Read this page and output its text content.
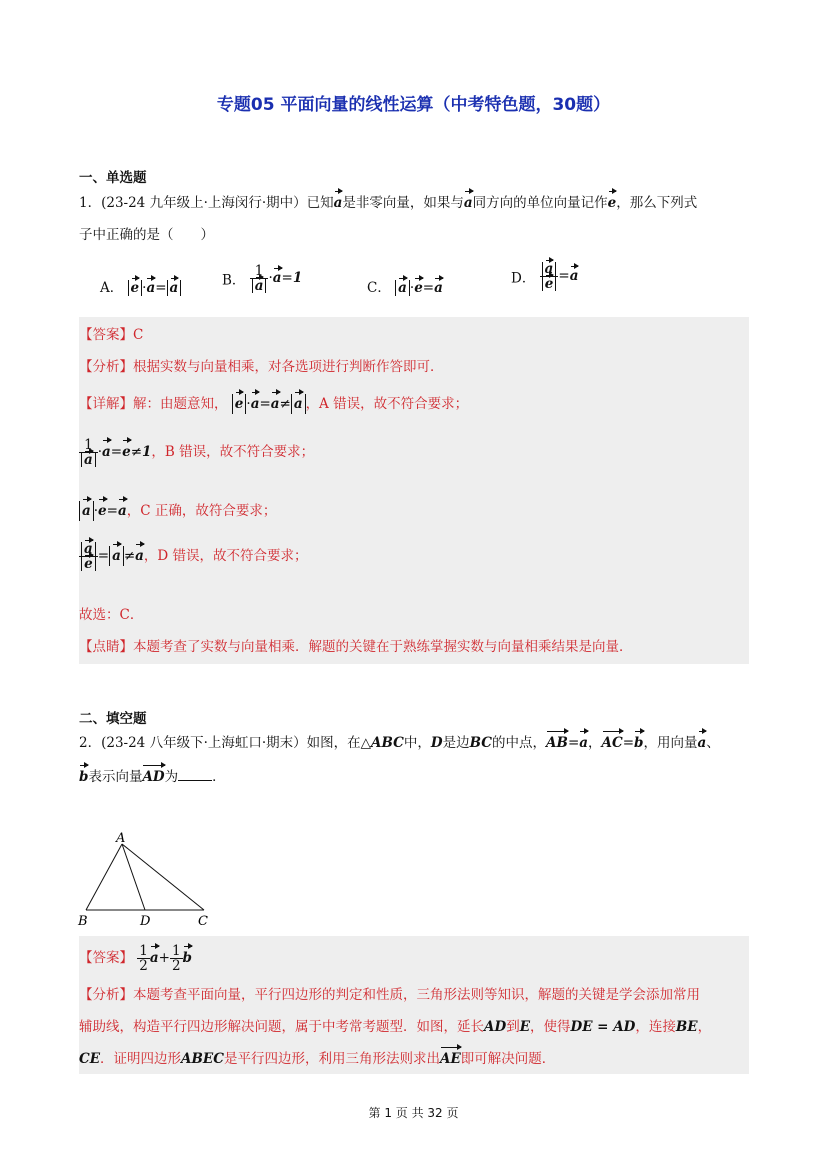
专题05 平面向量的线性运算（中考特色题，30题）
一、单选题
1．(23-24 九年级上·上海闵行·期中）已知a是非零向量，如果与a同方向的单位向量记作e，那么下列式
子中正确的是（　　）
A． e ·a= a	B． $\frac{1}{a} \cdot a=1$
C． a ·e=a
D． $\frac{a}{e} =a$
【答案】C
【分析】根据实数与向量相乘，对各选项进行判断作答即可．
【详解】解：由题意知， e ·a=a≠ a ，A 错误，故不符合要求；
$\frac{1}{a} \cdot a=e\ne 1$，B 错误，故不符合要求；
a ·e=a，C 正确，故符合要求；
$\frac{a}{e} = a \ne a$，D 错误，故不符合要求；
故选：C．
【点睛】本题考查了实数与向量相乘．解题的关键在于熟练掌握实数与向量相乘结果是向量．
二、填空题
2．(23-24 八年级下·上海虹口·期末）如图，在△ABC中，D是边BC的中点，AB=a，AC=b，用向量a、
b表示向量AD为	．
A
B	D	C
【答案】 $\frac{1}{2} a+ \frac{1}{2}$ b
【分析】本题考查平面向量，平行四边形的判定和性质，三角形法则等知识，解题的关键是学会添加常用
辅助线，构造平行四边形解决问题，属于中考常考题型．如图，延长AD到E，使得DE = AD，连接BE，
CE．证明四边形ABEC是平行四边形，利用三角形法则求出AE即可解决问题．
第 1 页 共 32 页
